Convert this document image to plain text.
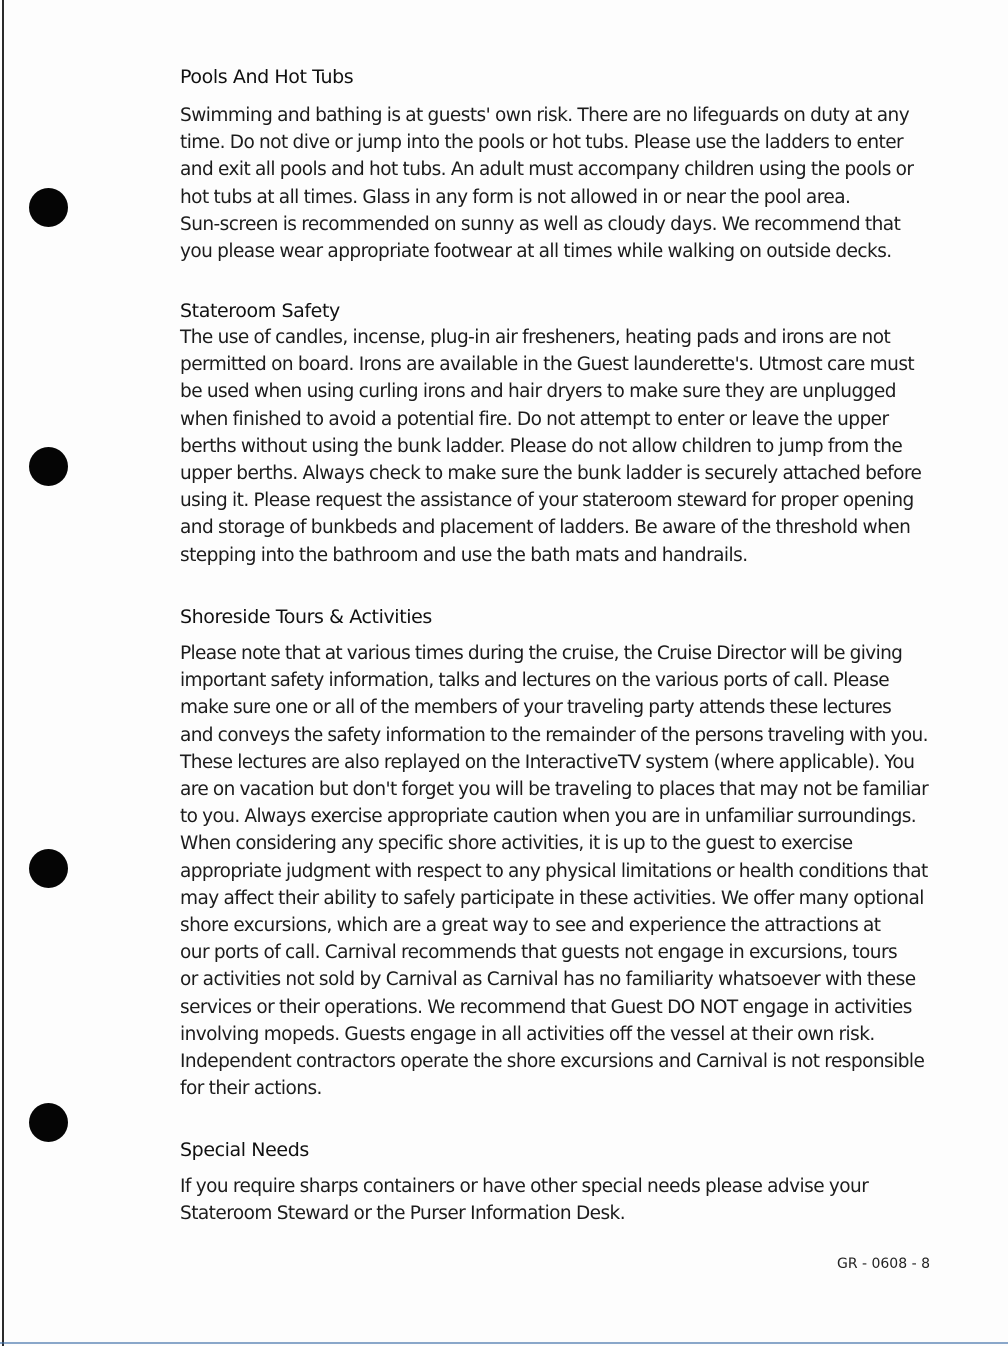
Pools And Hot Tubs

Swimming and bathing is at guests' own risk. There are no lifeguards on duty at any
time. Do not dive or jump into the pools or hot tubs. Please use the ladders to enter
and exit all pools and hot tubs. An adult must accompany children using the pools or
hot tubs at all times. Glass in any form is not allowed in or near the pool area.
Sun-screen is recommended on sunny as well as cloudy days. We recommend that
you please wear appropriate footwear at all times while walking on outside decks.

Stateroom Safety

The use of candles, incense, plug-in air fresheners, heating pads and irons are not
permitted on board. Irons are available in the Guest launderette's. Utmost care must
be used when using curling irons and hair dryers to make sure they are unplugged
when finished to avoid a potential fire. Do not attempt to enter or leave the upper
berths without using the bunk ladder. Please do not allow children to jump from the
upper berths. Always check to make sure the bunk ladder is securely attached before
using it. Please request the assistance of your stateroom steward for proper opening
and storage of bunkbeds and placement of ladders. Be aware of the threshold when
stepping into the bathroom and use the bath mats and handrails.

Shoreside Tours & Activities

Please note that at various times during the cruise, the Cruise Director will be giving
important safety information, talks and lectures on the various ports of call. Please
make sure one or all of the members of your traveling party attends these lectures
and conveys the safety information to the remainder of the persons traveling with you.
These lectures are also replayed on the InteractiveTV system (where applicable). You
are on vacation but don't forget you will be traveling to places that may not be familiar
to you. Always exercise appropriate caution when you are in unfamiliar surroundings.
When considering any specific shore activities, it is up to the guest to exercise
appropriate judgment with respect to any physical limitations or health conditions that
may affect their ability to safely participate in these activities. We offer many optional
shore excursions, which are a great way to see and experience the attractions at
our ports of call. Carnival recommends that guests not engage in excursions, tours
or activities not sold by Carnival as Carnival has no familiarity whatsoever with these
services or their operations. We recommend that Guest DO NOT engage in activities
involving mopeds. Guests engage in all activities off the vessel at their own risk.
Independent contractors operate the shore excursions and Carnival is not responsible
for their actions.

Special Needs

If you require sharps containers or have other special needs please advise your
Stateroom Steward or the Purser Information Desk.

GR - 0608 - 8
